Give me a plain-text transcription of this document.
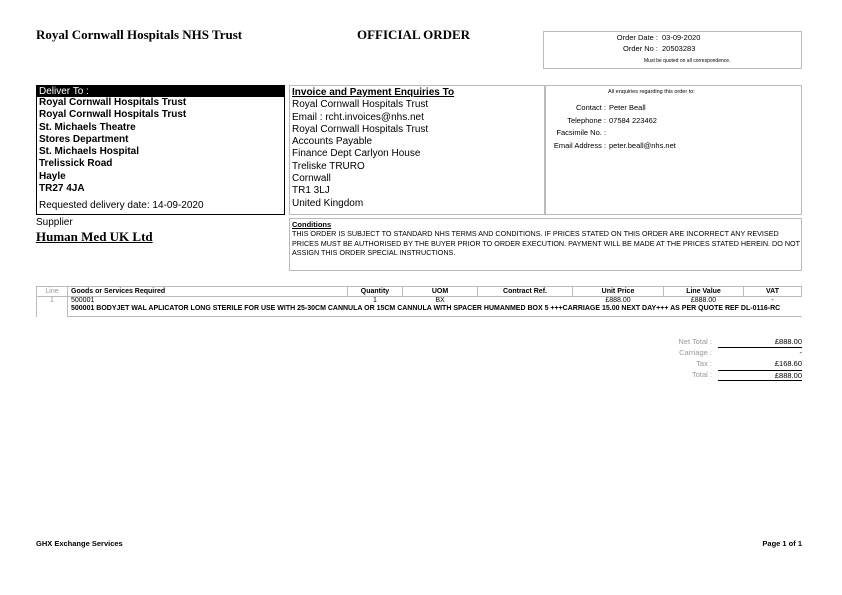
Royal Cornwall Hospitals NHS Trust	OFFICIAL ORDER	Order Date : 03-09-2020
Order No : 20503283
Must be quoted on all correspondence.
Deliver To :
Royal Cornwall Hospitals Trust
Royal Cornwall Hospitals Trust
St. Michaels Theatre
Stores Department
St. Michaels Hospital
Trelissick Road
Hayle
TR27 4JA
Requested delivery date: 14-09-2020
Invoice and Payment Enquiries To
Royal Cornwall Hospitals Trust
Email : rcht.invoices@nhs.net
Royal Cornwall Hospitals Trust
Accounts Payable
Finance Dept Carlyon House
Treliske TRURO
Cornwall
TR1 3LJ
United Kingdom
All enquiries regarding this order to:
Contact : Peter Beall
Telephone : 07584 223462
Facsimile No. :
Email Address : peter.beall@nhs.net
Supplier
Human Med UK Ltd
Conditions
THIS ORDER IS SUBJECT TO STANDARD NHS TERMS AND CONDITIONS. IF PRICES STATED ON THIS ORDER ARE INCORRECT ANY REVISED PRICES MUST BE AUTHORISED BY THE BUYER PRIOR TO ORDER EXECUTION. PAYMENT WILL BE MADE AT THE PRICES STATED HEREIN. DO NOT ASSIGN THIS ORDER SPECIAL INSTRUCTIONS.
Line	Goods or Services Required	Quantity	UOM	Contract Ref.	Unit Price	Line Value	VAT
1	500001	1	BX		£888.00	£888.00	-
	500001 BODYJET WAL APLICATOR LONG STERILE FOR USE WITH 25-30CM CANNULA OR 15CM CANNULA WITH SPACER HUMANMED BOX 5 +++CARRIAGE 15.00 NEXT DAY+++ AS PER QUOTE REF DL-0116-RC						
Net Total :	£888.00
Carriage :	-
Tax :	£168.60
Total :	£888.00
GHX Exchange Services	Page 1 of 1
